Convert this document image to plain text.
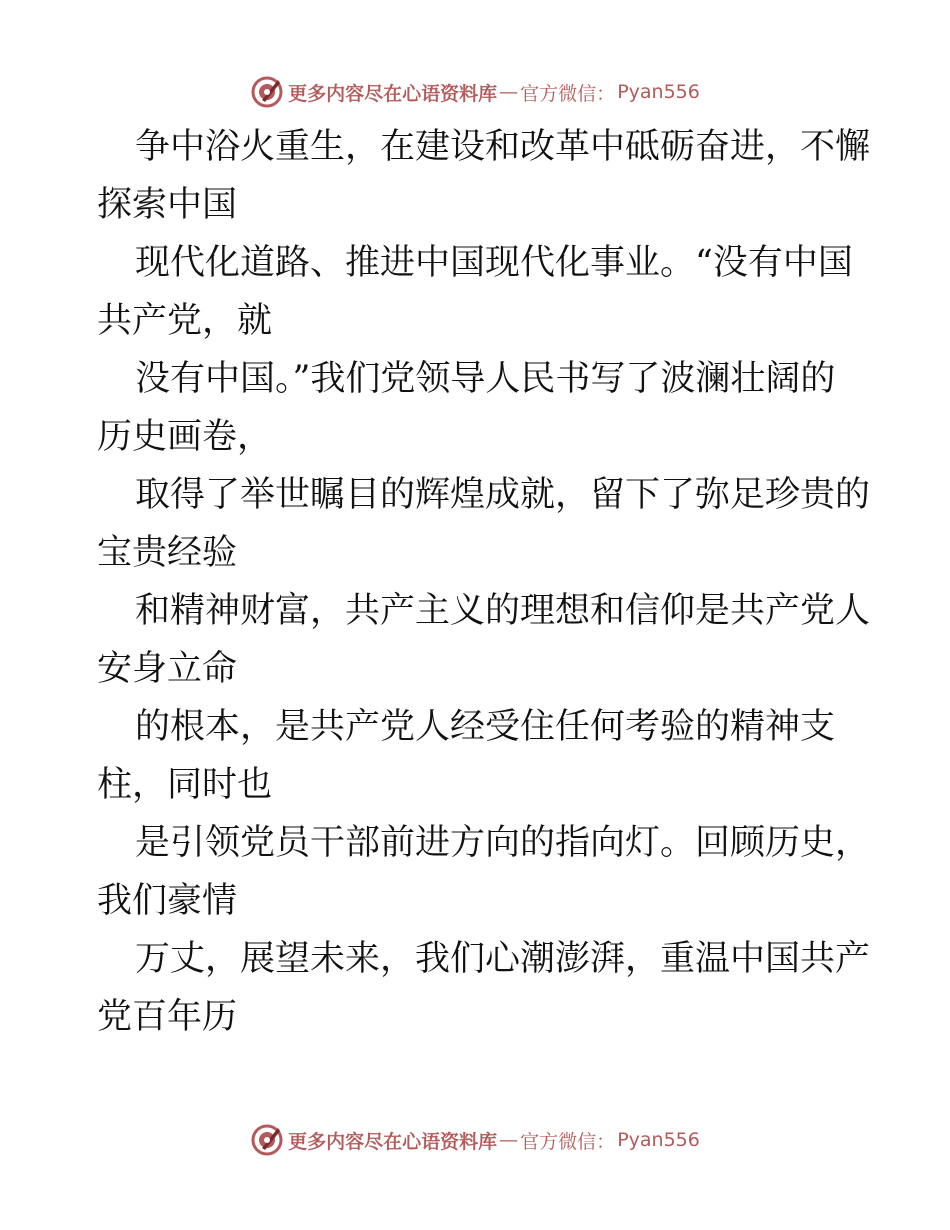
更多内容尽在心语资料库 — 官方微信： Pyan556
争中浴火重生，在建设和改革中砥砺奋进，不懈
探索中国
现代化道路、推进中国现代化事业。“没有中国
共产党，就
没有中国。”我们党领导人民书写了波澜壮阔的
历史画卷，
取得了举世瞩目的辉煌成就，留下了弥足珍贵的
宝贵经验
和精神财富，共产主义的理想和信仰是共产党人
安身立命
的根本，是共产党人经受住任何考验的精神支
柱，同时也
是引领党员干部前进方向的指向灯。回顾历史，
我们豪情
万丈，展望未来，我们心潮澎湃，重温中国共产
党百年历
更多内容尽在心语资料库 — 官方微信： Pyan556
